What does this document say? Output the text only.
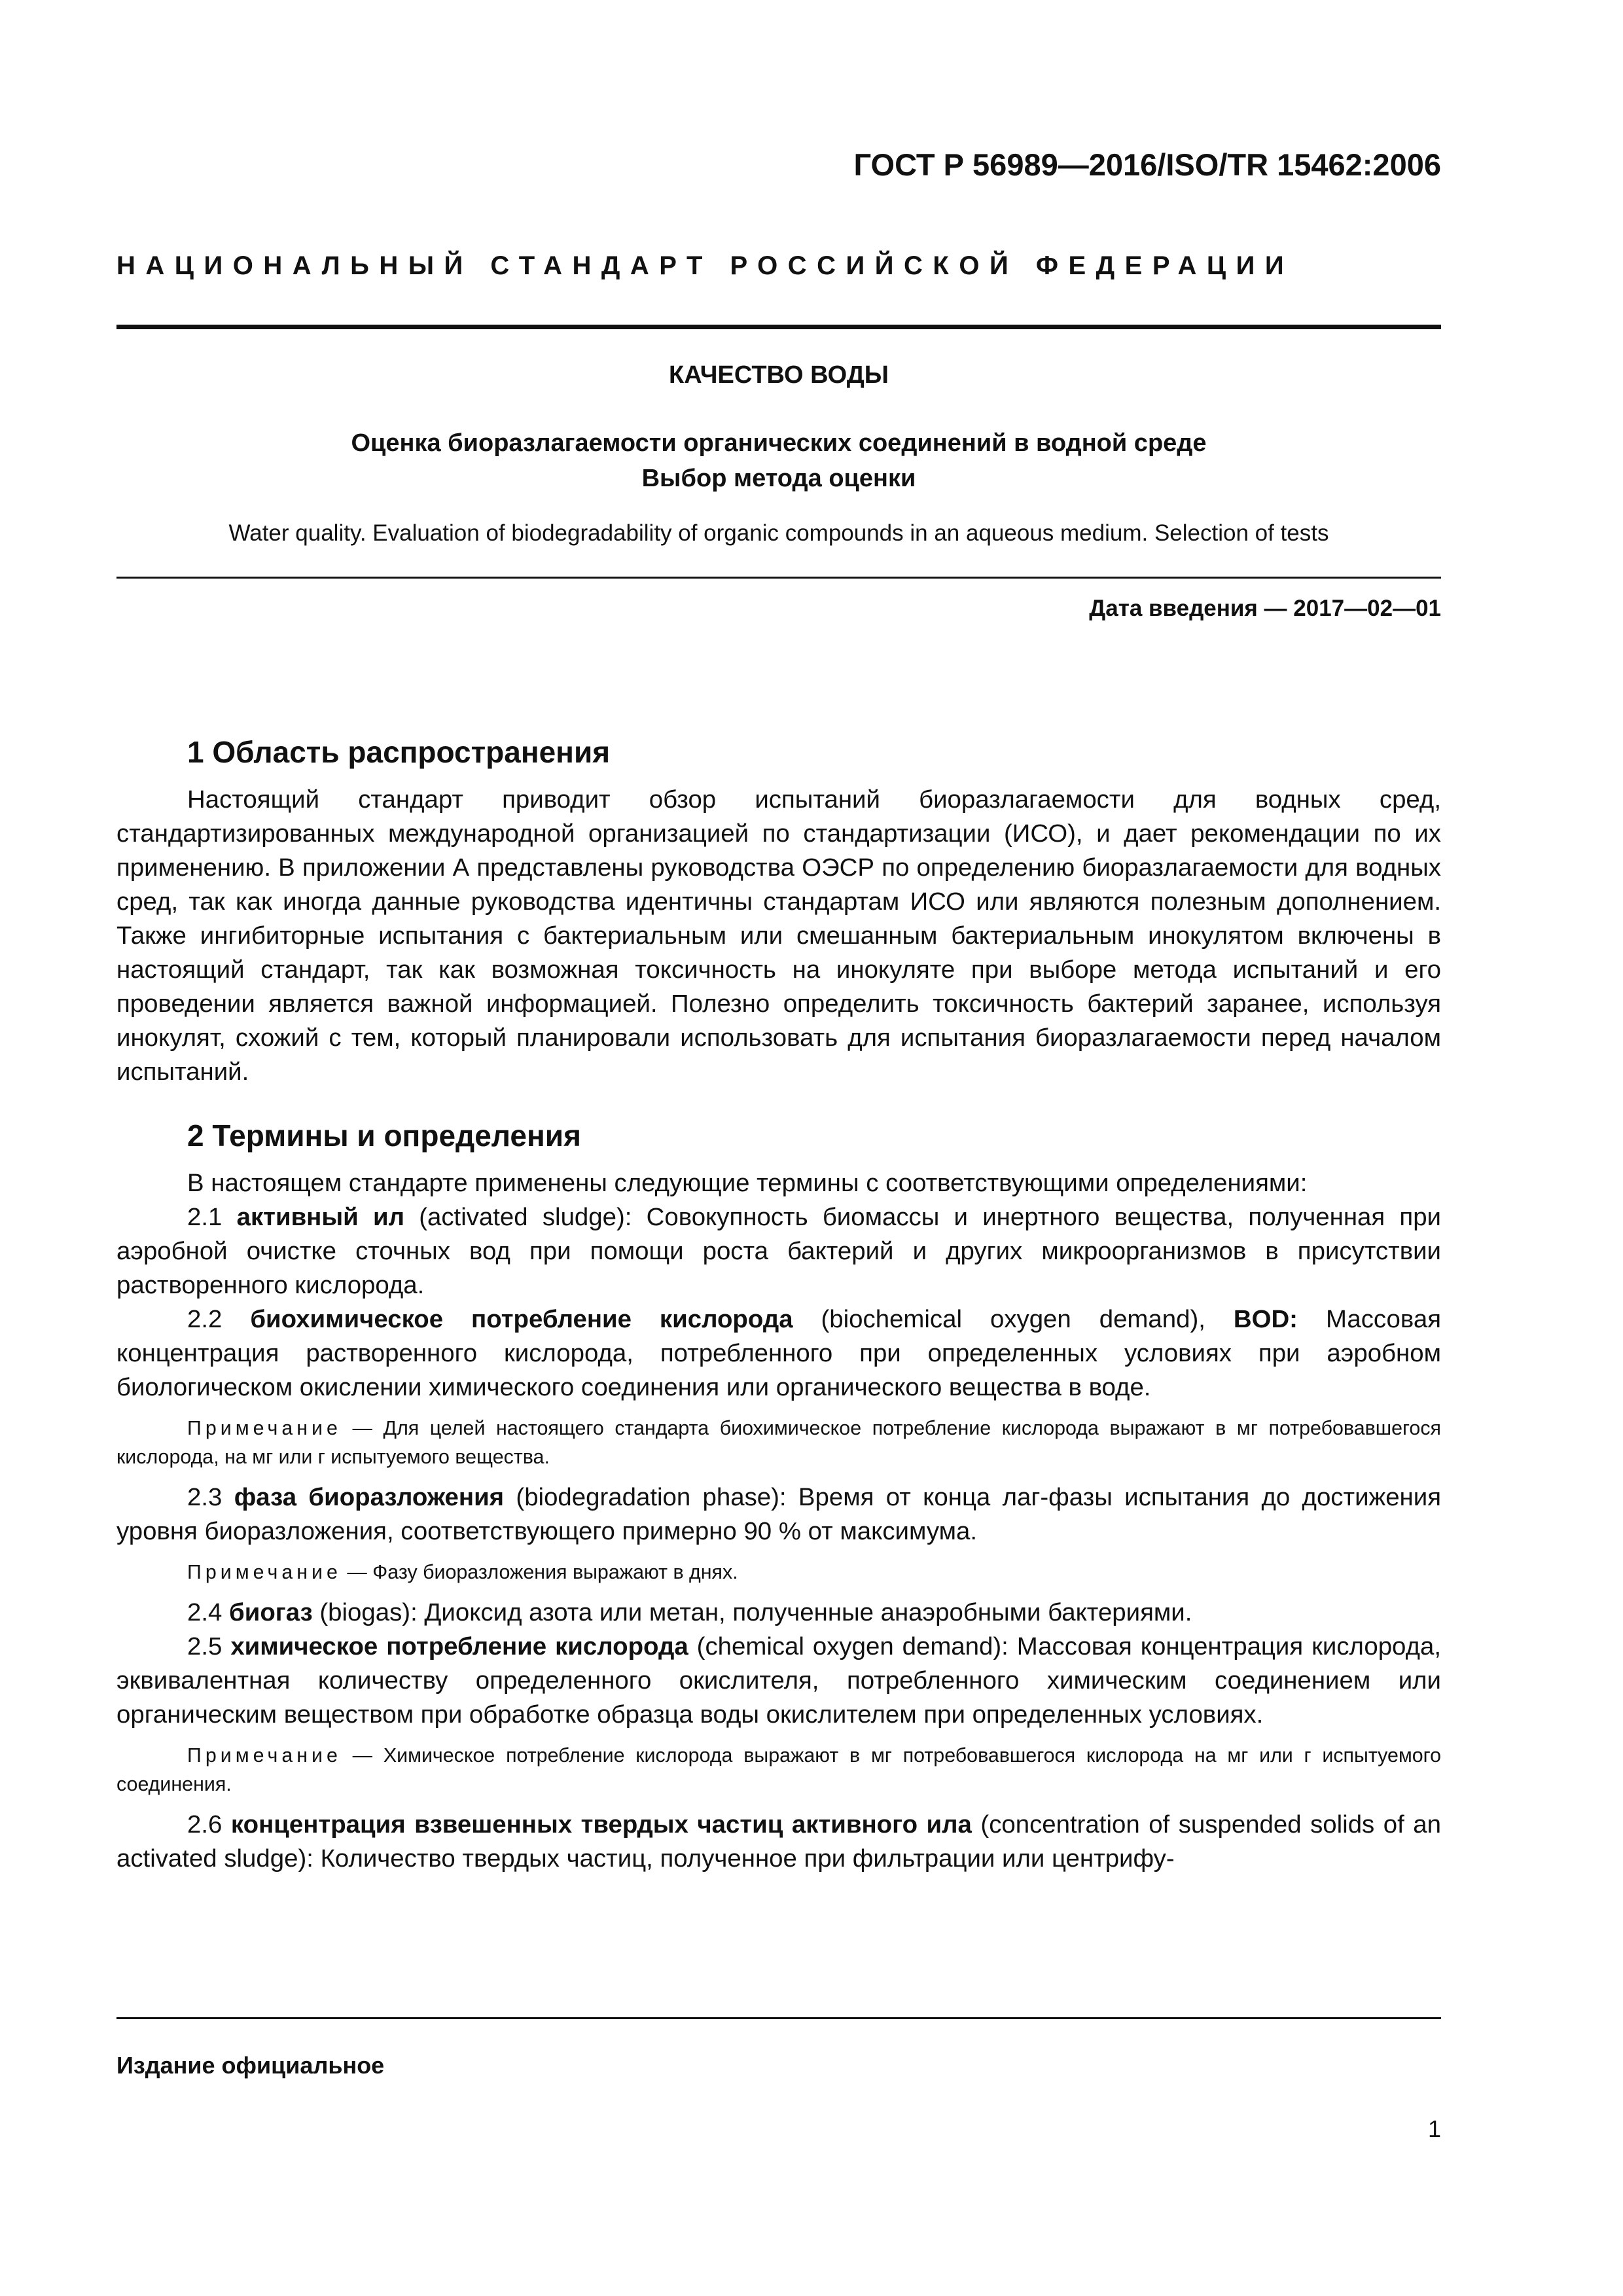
ГОСТ Р 56989—2016/ISO/TR 15462:2006

НАЦИОНАЛЬНЫЙ СТАНДАРТ РОССИЙСКОЙ ФЕДЕРАЦИИ

КАЧЕСТВО ВОДЫ

Оценка биоразлагаемости органических соединений в водной среде

Выбор метода оценки

Water quality. Evaluation of biodegradability of organic compounds in an aqueous medium. Selection of tests

Дата введения — 2017—02—01

1 Область распространения

Настоящий стандарт приводит обзор испытаний биоразлагаемости для водных сред, стандартизированных международной организацией по стандартизации (ИСО), и дает рекомендации по их применению. В приложении А представлены руководства ОЭСР по определению биоразлагаемости для водных сред, так как иногда данные руководства идентичны стандартам ИСО или являются полезным дополнением. Также ингибиторные испытания с бактериальным или смешанным бактериальным инокулятом включены в настоящий стандарт, так как возможная токсичность на инокуляте при выборе метода испытаний и его проведении является важной информацией. Полезно определить токсичность бактерий заранее, используя инокулят, схожий с тем, который планировали использовать для испытания биоразлагаемости перед началом испытаний.

2 Термины и определения

В настоящем стандарте применены следующие термины с соответствующими определениями:

2.1 активный ил (activated sludge): Совокупность биомассы и инертного вещества, полученная при аэробной очистке сточных вод при помощи роста бактерий и других микроорганизмов в присутствии растворенного кислорода.

2.2 биохимическое потребление кислорода (biochemical oxygen demand), BOD: Массовая концентрация растворенного кислорода, потребленного при определенных условиях при аэробном биологическом окислении химического соединения или органического вещества в воде.

Примечание — Для целей настоящего стандарта биохимическое потребление кислорода выражают в мг потребовавшегося кислорода, на мг или г испытуемого вещества.

2.3 фаза биоразложения (biodegradation phase): Время от конца лаг-фазы испытания до достижения уровня биоразложения, соответствующего примерно 90 % от максимума.

Примечание — Фазу биоразложения выражают в днях.

2.4 биогаз (biogas): Диоксид азота или метан, полученные анаэробными бактериями.

2.5 химическое потребление кислорода (chemical oxygen demand): Массовая концентрация кислорода, эквивалентная количеству определенного окислителя, потребленного химическим соединением или органическим веществом при обработке образца воды окислителем при определенных условиях.

Примечание — Химическое потребление кислорода выражают в мг потребовавшегося кислорода на мг или г испытуемого соединения.

2.6 концентрация взвешенных твердых частиц активного ила (concentration of suspended solids of an activated sludge): Количество твердых частиц, полученное при фильтрации или центрифу-

Издание официальное

1
